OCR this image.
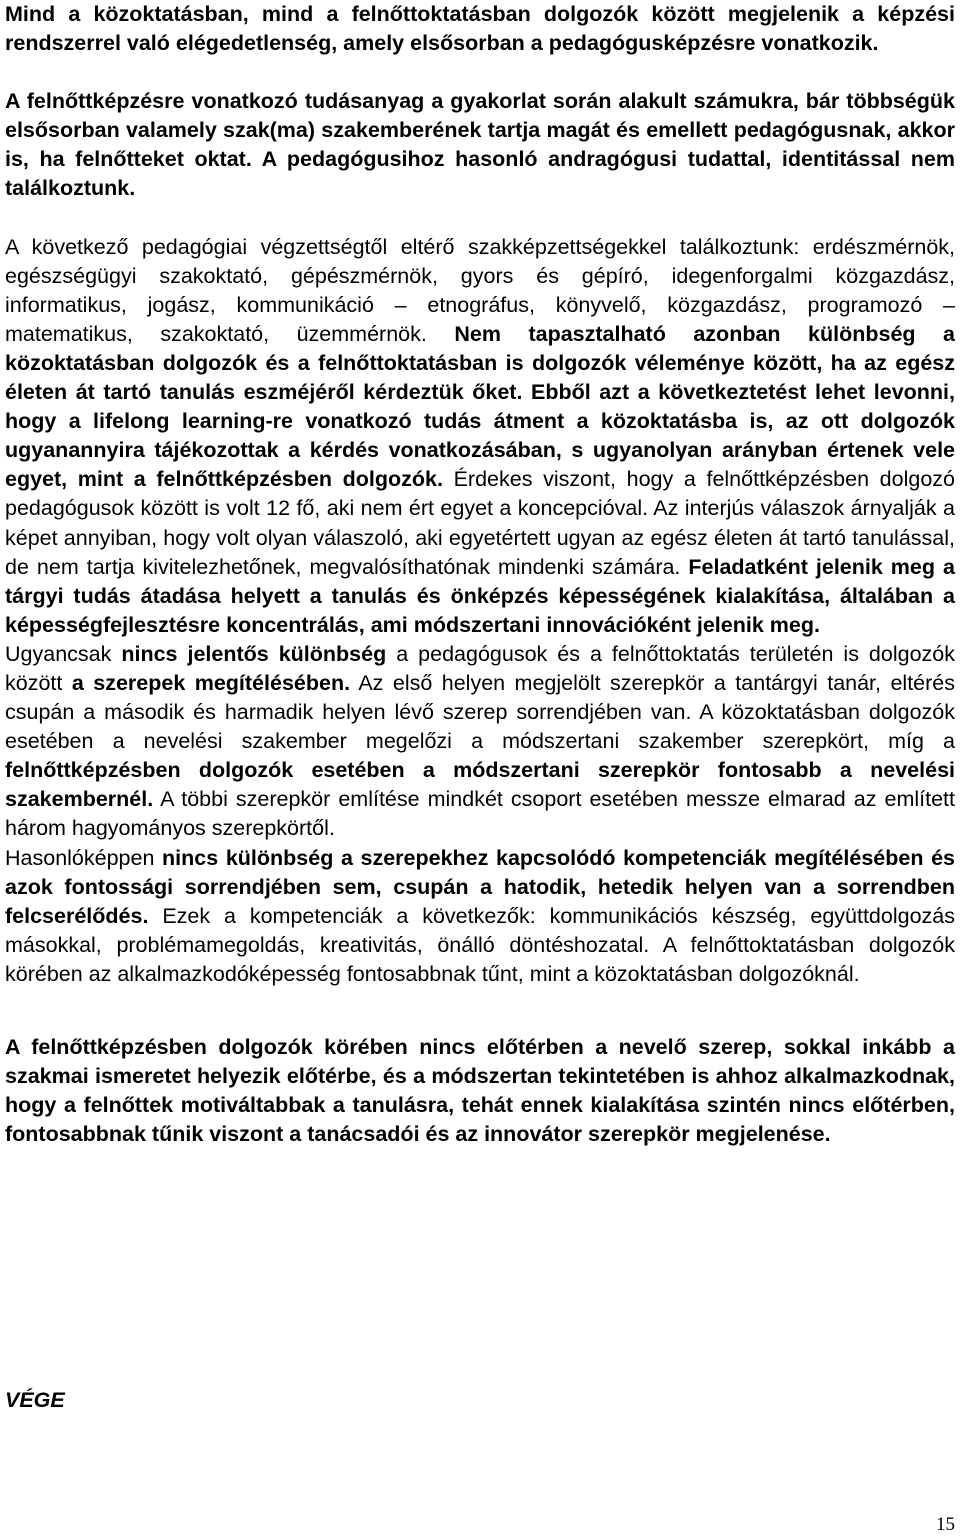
Mind a közoktatásban, mind a felnőttoktatásban dolgozók között megjelenik a képzési rendszerrel való elégedetlenség, amely elsősorban a pedagógusképzésre vonatkozik.

A felnőttképzésre vonatkozó tudásanyag a gyakorlat során alakult számukra, bár többségük elsősorban valamely szak(ma) szakemberének tartja magát és emellett pedagógusnak, akkor is, ha felnőtteket oktat. A pedagógusihoz hasonló andragógusi tudattal, identitással nem találkoztunk.

A következő pedagógiai végzettségtől eltérő szakképzettségekkel találkoztunk: erdészmérnök, egészségügyi szakoktató, gépészmérnök, gyors és gépíró, idegenforgalmi közgazdász, informatikus, jogász, kommunikáció – etnográfus, könyvelő, közgazdász, programozó – matematikus, szakoktató, üzemmérnök. Nem tapasztalható azonban különbség a közoktatásban dolgozók és a felnőttoktatásban is dolgozók véleménye között, ha az egész életen át tartó tanulás eszméjéről kérdeztük őket. Ebből azt a következtetést lehet levonni, hogy a lifelong learning-re vonatkozó tudás átment a közoktatásba is, az ott dolgozók ugyanannyira tájékozottak a kérdés vonatkozásában, s ugyanolyan arányban értenek vele egyet, mint a felnőttképzésben dolgozók. Érdekes viszont, hogy a felnőttképzésben dolgozó pedagógusok között is volt 12 fő, aki nem ért egyet a koncepcióval. Az interjús válaszok árnyalják a képet annyiban, hogy volt olyan válaszoló, aki egyetértett ugyan az egész életen át tartó tanulással, de nem tartja kivitelezhetőnek, megvalósíthatónak mindenki számára. Feladatként jelenik meg a tárgyi tudás átadása helyett a tanulás és önképzés képességének kialakítása, általában a képességfejlesztésre koncentrálás, ami módszertani innovációként jelenik meg.

Ugyancsak nincs jelentős különbség a pedagógusok és a felnőttoktatás területén is dolgozók között a szerepek megítélésében. Az első helyen megjelölt szerepkör a tantárgyi tanár, eltérés csupán a második és harmadik helyen lévő szerep sorrendjében van. A közoktatásban dolgozók esetében a nevelési szakember megelőzi a módszertani szakember szerepkört, míg a felnőttképzésben dolgozók esetében a módszertani szerepkör fontosabb a nevelési szakembernél. A többi szerepkör említése mindkét csoport esetében messze elmarad az említett három hagyományos szerepkörtől.

Hasonlóképpen nincs különbség a szerepekhez kapcsolódó kompetenciák megítélésében és azok fontossági sorrendjében sem, csupán a hatodik, hetedik helyen van a sorrendben felcserélődés. Ezek a kompetenciák a következők: kommunikációs készség, együttdolgozás másokkal, problémamegoldás, kreativitás, önálló döntéshozatal. A felnőttoktatásban dolgozók körében az alkalmazkodóképesség fontosabbnak tűnt, mint a közoktatásban dolgozóknál.

A felnőttképzésben dolgozók körében nincs előtérben a nevelő szerep, sokkal inkább a szakmai ismeretet helyezik előtérbe, és a módszertan tekintetében is ahhoz alkalmazkodnak, hogy a felnőttek motiváltabbak a tanulásra, tehát ennek kialakítása szintén nincs előtérben, fontosabbnak tűnik viszont a tanácsadói és az innovátor szerepkör megjelenése.

VÉGE
15
